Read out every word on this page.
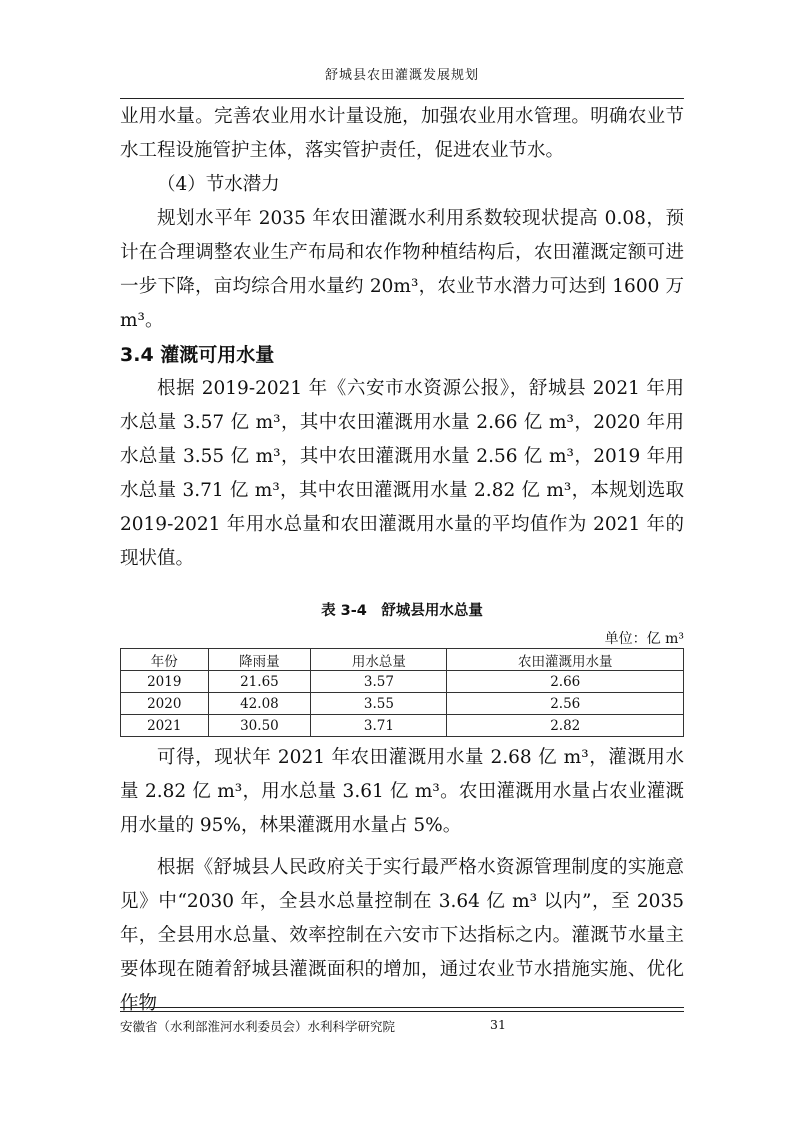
舒城县农田灌溉发展规划

业用水量。完善农业用水计量设施，加强农业用水管理。明确农业节水工程设施管护主体，落实管护责任，促进农业节水。

（4）节水潜力

规划水平年 2035 年农田灌溉水利用系数较现状提高 0.08，预计在合理调整农业生产布局和农作物种植结构后，农田灌溉定额可进一步下降，亩均综合用水量约 20m³，农业节水潜力可达到 1600 万 m³。

3.4 灌溉可用水量

根据 2019-2021 年《六安市水资源公报》，舒城县 2021 年用水总量 3.57 亿 m³，其中农田灌溉用水量 2.66 亿 m³，2020 年用水总量 3.55 亿 m³，其中农田灌溉用水量 2.56 亿 m³，2019 年用水总量 3.71 亿 m³，其中农田灌溉用水量 2.82 亿 m³，本规划选取 2019-2021 年用水总量和农田灌溉用水量的平均值作为 2021 年的现状值。

表 3-4　舒城县用水总量
单位：亿 m³
年份	降雨量	用水总量	农田灌溉用水量
2019	21.65	3.57	2.66
2020	42.08	3.55	2.56
2021	30.50	3.71	2.82

可得，现状年 2021 年农田灌溉用水量 2.68 亿 m³，灌溉用水量 2.82 亿 m³，用水总量 3.61 亿 m³。农田灌溉用水量占农业灌溉用水量的 95%，林果灌溉用水量占 5%。

根据《舒城县人民政府关于实行最严格水资源管理制度的实施意见》中“2030 年，全县水总量控制在 3.64 亿 m³ 以内”，至 2035 年，全县用水总量、效率控制在六安市下达指标之内。灌溉节水量主要体现在随着舒城县灌溉面积的增加，通过农业节水措施实施、优化作物

安徽省（水利部淮河水利委员会）水利科学研究院	31
